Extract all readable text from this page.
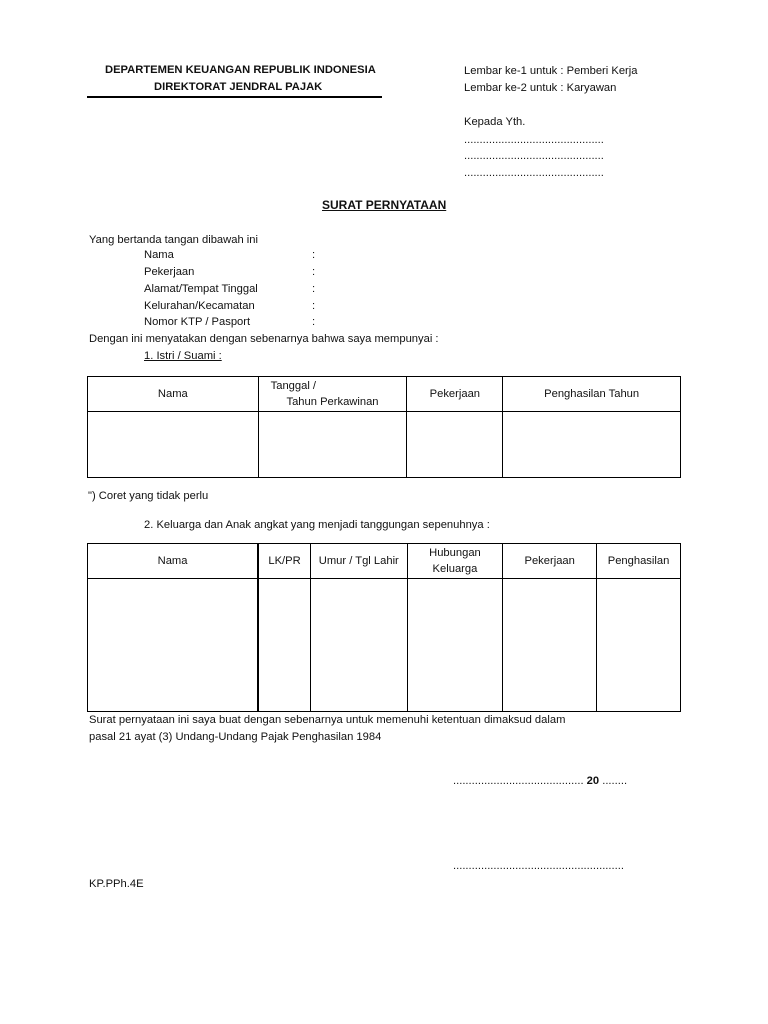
DEPARTEMEN KEUANGAN REPUBLIK INDONESIA
DIREKTORAT JENDRAL PAJAK
Lembar ke-1 untuk : Pemberi Kerja
Lembar ke-2 untuk : Karyawan
Kepada Yth.
.............................................
.............................................
.............................................
SURAT PERNYATAAN
Yang bertanda tangan dibawah ini
Nama	:
Pekerjaan	:
Alamat/Tempat Tinggal	:
Kelurahan/Kecamatan	:
Nomor KTP / Pasport	:
Dengan ini menyatakan dengan sebenarnya bahwa saya mempunyai :
1. Istri / Suami :
Nama	Tanggal /
Tahun Perkawinan	Pekerjaan	Penghasilan Tahun

") Coret yang tidak perlu
2. Keluarga dan Anak angkat yang menjadi tanggungan sepenuhnya :
Nama	LK/PR	Umur / Tgl Lahir	Hubungan
Keluarga	Pekerjaan	Penghasilan

Surat pernyataan ini saya buat dengan sebenarnya untuk memenuhi ketentuan dimaksud dalam
pasal 21 ayat (3) Undang-Undang Pajak Penghasilan 1984
.......................................... 20 ........
.......................................................
KP.PPh.4E
